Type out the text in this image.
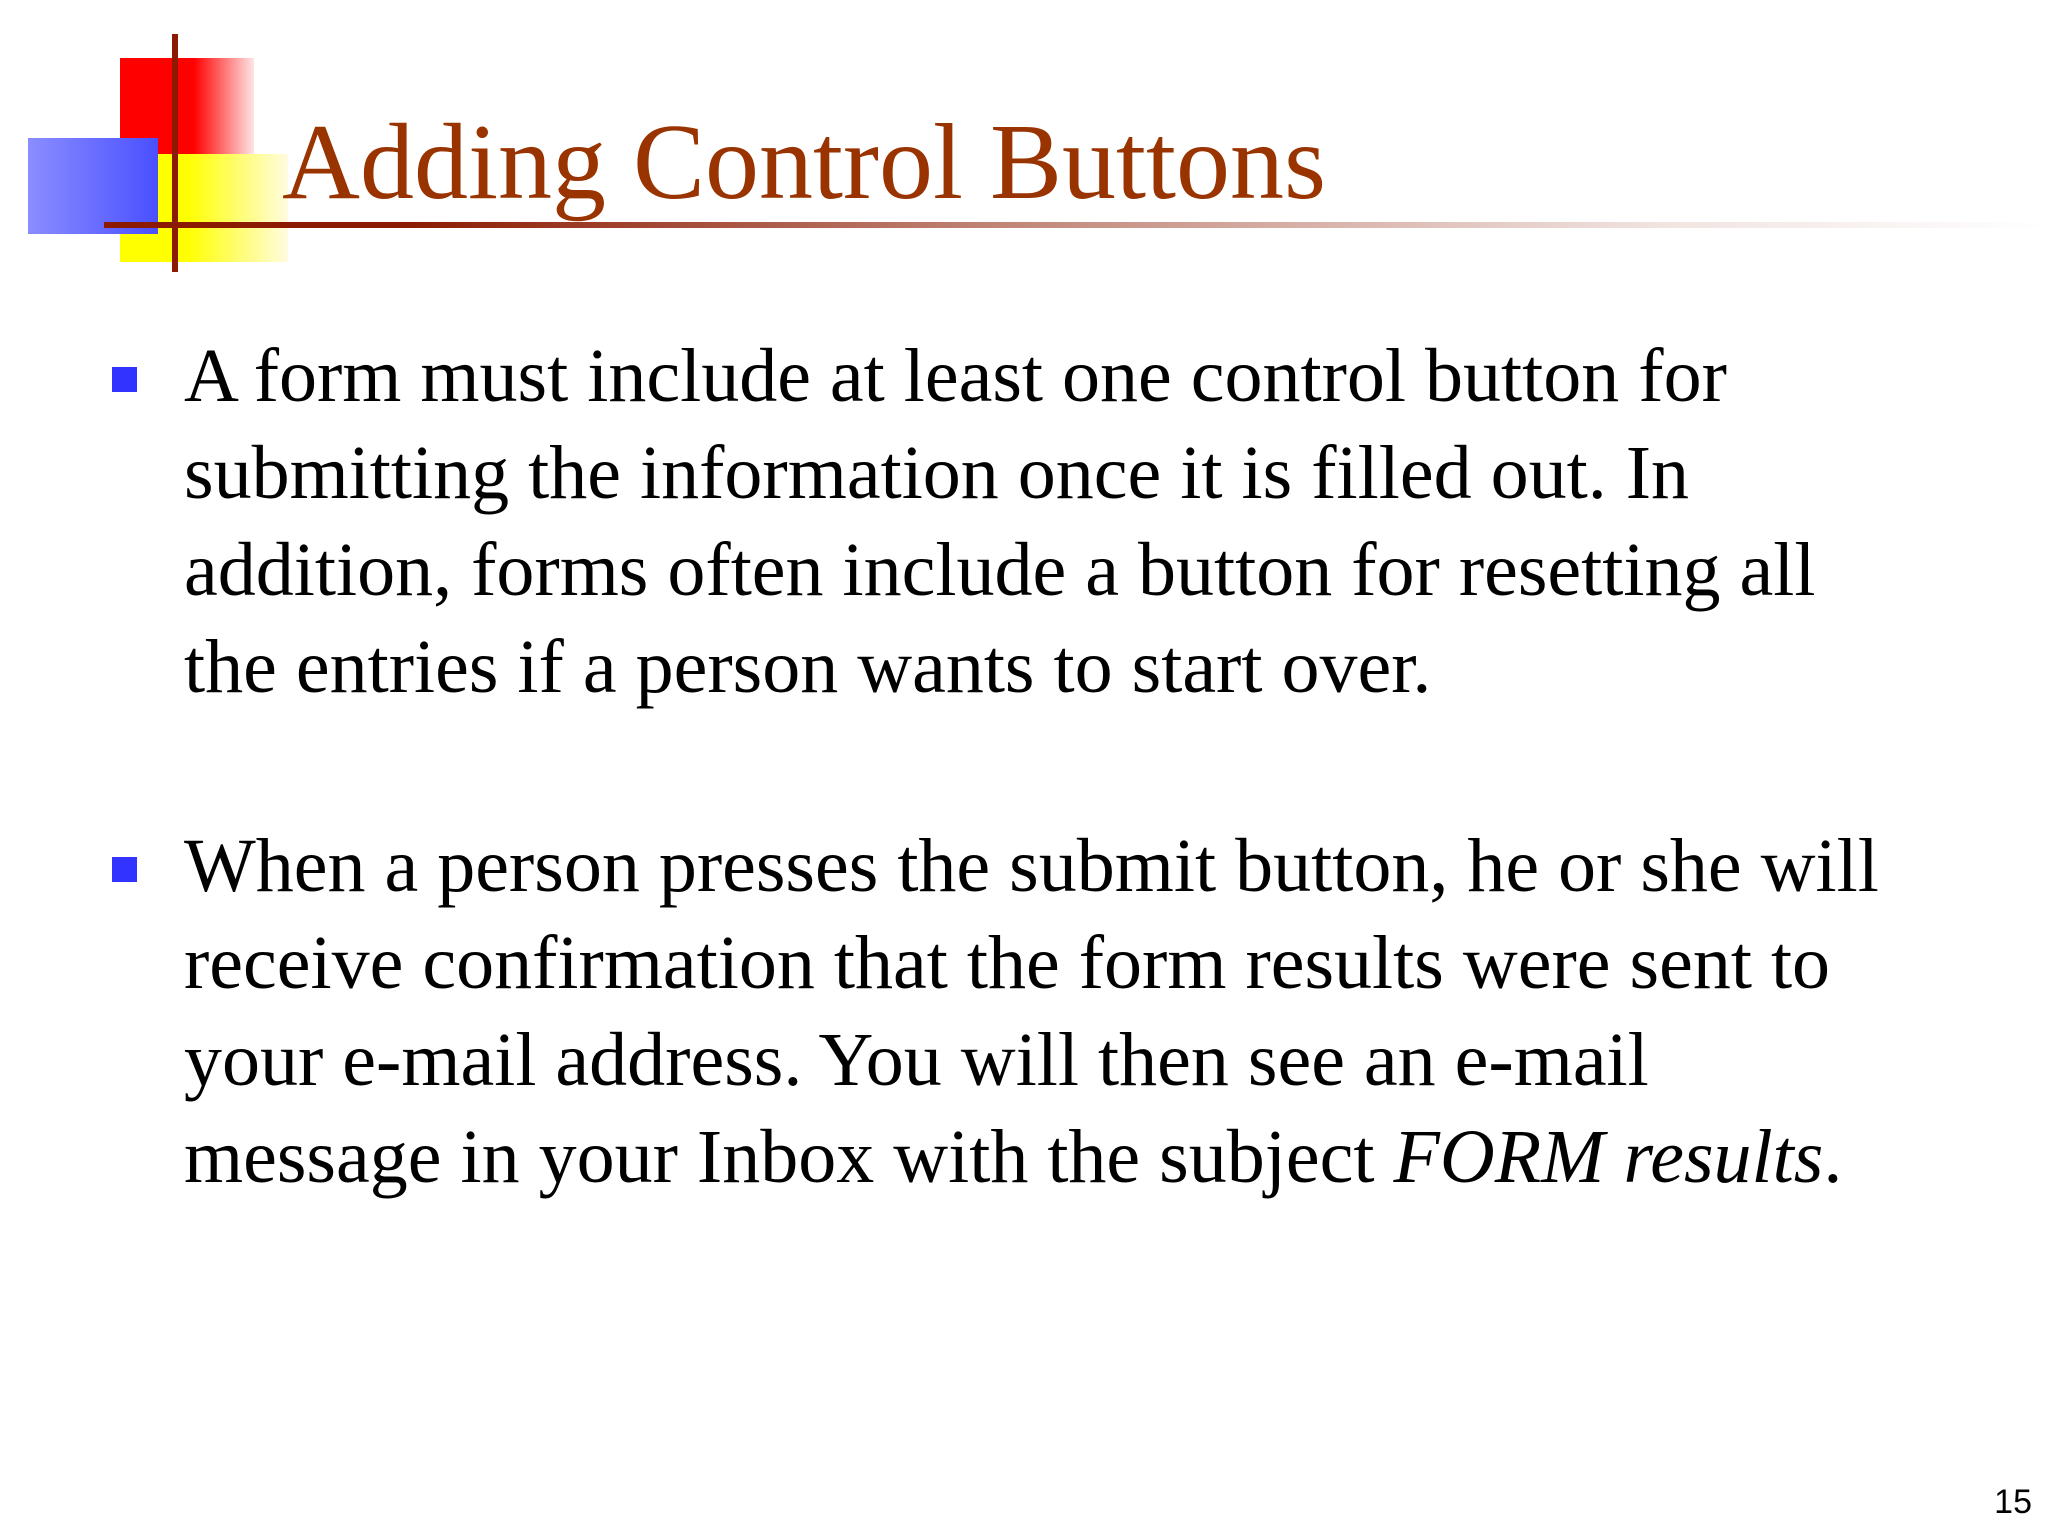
Adding Control Buttons

A form must include at least one control button for
submitting the information once it is filled out. In
addition, forms often include a button for resetting all
the entries if a person wants to start over.

When a person presses the submit button, he or she will
receive confirmation that the form results were sent to
your e-mail address. You will then see an e-mail
message in your Inbox with the subject FORM results.

15
